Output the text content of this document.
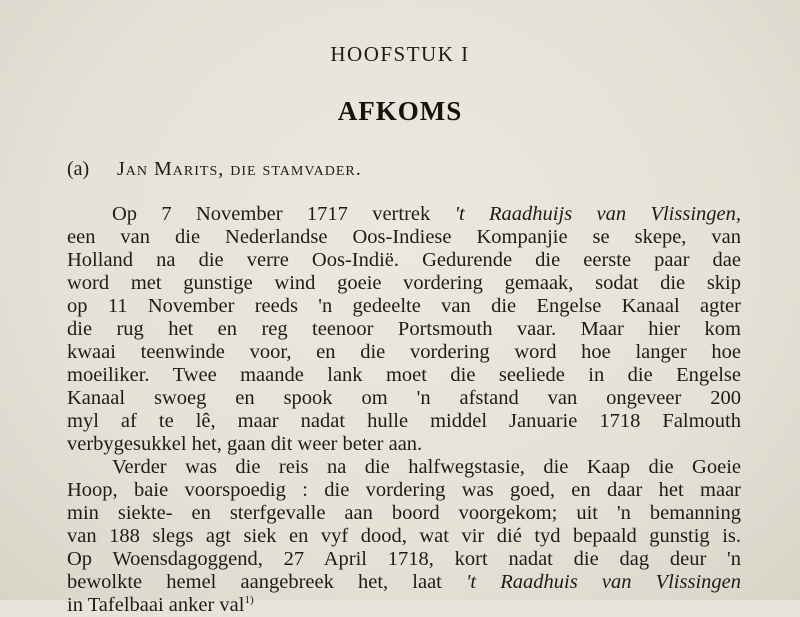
HOOFSTUK I
AFKOMS
(a) Jan Marits, die stamvader.
Op 7 November 1717 vertrek 't Raadhuijs van Vlissingen,
een van die Nederlandse Oos-Indiese Kompanjie se skepe, van
Holland na die verre Oos-Indië. Gedurende die eerste paar dae
word met gunstige wind goeie vordering gemaak, sodat die skip
op 11 November reeds 'n gedeelte van die Engelse Kanaal agter
die rug het en reg teenoor Portsmouth vaar. Maar hier kom
kwaai teenwinde voor, en die vordering word hoe langer hoe
moeiliker. Twee maande lank moet die seeliede in die Engelse
Kanaal swoeg en spook om 'n afstand van ongeveer 200
myl af te lê, maar nadat hulle middel Januarie 1718 Falmouth
verbygesukkel het, gaan dit weer beter aan.
Verder was die reis na die halfwegstasie, die Kaap die Goeie
Hoop, baie voorspoedig : die vordering was goed, en daar het maar
min siekte- en sterfgevalle aan boord voorgekom; uit 'n bemanning
van 188 slegs agt siek en vyf dood, wat vir dié tyd bepaald gunstig is.
Op Woensdagoggend, 27 April 1718, kort nadat die dag deur 'n
bewolkte hemel aangebreek het, laat 't Raadhuis van Vlissingen
in Tafelbaai anker val$^{1)}$
